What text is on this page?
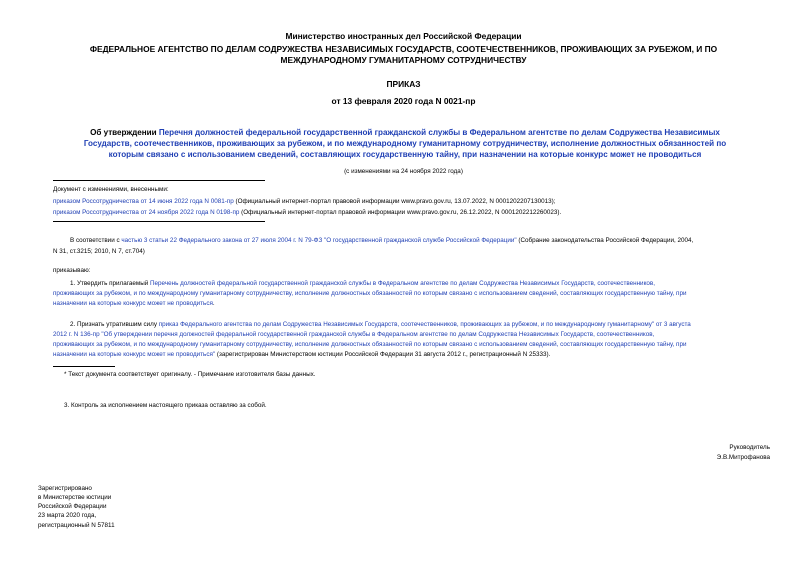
Министерство иностранных дел Российской Федерации
ФЕДЕРАЛЬНОЕ АГЕНТСТВО ПО ДЕЛАМ СОДРУЖЕСТВА НЕЗАВИСИМЫХ ГОСУДАРСТВ, СООТЕЧЕСТВЕННИКОВ, ПРОЖИВАЮЩИХ ЗА РУБЕЖОМ, И ПО
МЕЖДУНАРОДНОМУ ГУМАНИТАРНОМУ СОТРУДНИЧЕСТВУ
ПРИКАЗ
от 13 февраля 2020 года N 0021-пр
Об утверждении Перечня должностей федеральной государственной гражданской службы в Федеральном агентстве по делам Содружества Независимых
Государств, соотечественников, проживающих за рубежом, и по международному гуманитарному сотрудничеству, исполнение должностных обязанностей по
которым связано с использованием сведений, составляющих государственную тайну, при назначении на которые конкурс может не проводиться
(с изменениями на 24 ноября 2022 года)
Документ с изменениями, внесенными:
приказом Россотрудничества от 14 июня 2022 года N 0081-пр (Официальный интернет-портал правовой информации www.pravo.gov.ru, 13.07.2022, N 0001202207130013);
приказом Россотрудничества от 24 ноября 2022 года N 0198-пр (Официальный интернет-портал правовой информации www.pravo.gov.ru, 26.12.2022, N 0001202212260023).
В соответствии с частью 3 статьи 22 Федерального закона от 27 июля 2004 г. N 79-ФЗ "О государственной гражданской службе Российской Федерации" (Собрание законодательства Российской Федерации, 2004,
N 31, ст.3215; 2010, N 7, ст.704)
приказываю:
1. Утвердить прилагаемый Перечень должностей федеральной государственной гражданской службы в Федеральном агентстве по делам Содружества Независимых Государств, соотечественников,
проживающих за рубежом, и по международному гуманитарному сотрудничеству, исполнение должностных обязанностей по которым связано с использованием сведений, составляющих государственную тайну, при
назначении на которые конкурс может не проводиться.
2. Признать утратившим силу приказ Федерального агентства по делам Содружества Независимых Государств, соотечественников, проживающих за рубежом, и по международному гуманитарному" от 3 августа
2012 г. N 136-пр "Об утверждении перечня должностей федеральной государственной гражданской службы в Федеральном агентстве по делам Содружества Независимых Государств, соотечественников,
проживающих за рубежом, и по международному гуманитарному сотрудничеству, исполнение должностных обязанностей по которым связано с использованием сведений, составляющих государственную тайну, при
назначении на которые конкурс может не проводиться" (зарегистрирован Министерством юстиции Российской Федерации 31 августа 2012 г., регистрационный N 25333).
* Текст документа соответствует оригиналу. - Примечание изготовителя базы данных.
3. Контроль за исполнением настоящего приказа оставляю за собой.
Руководитель
Э.В.Митрофанова
Зарегистрировано
в Министерстве юстиции
Российской Федерации
23 марта 2020 года,
регистрационный N 57811
